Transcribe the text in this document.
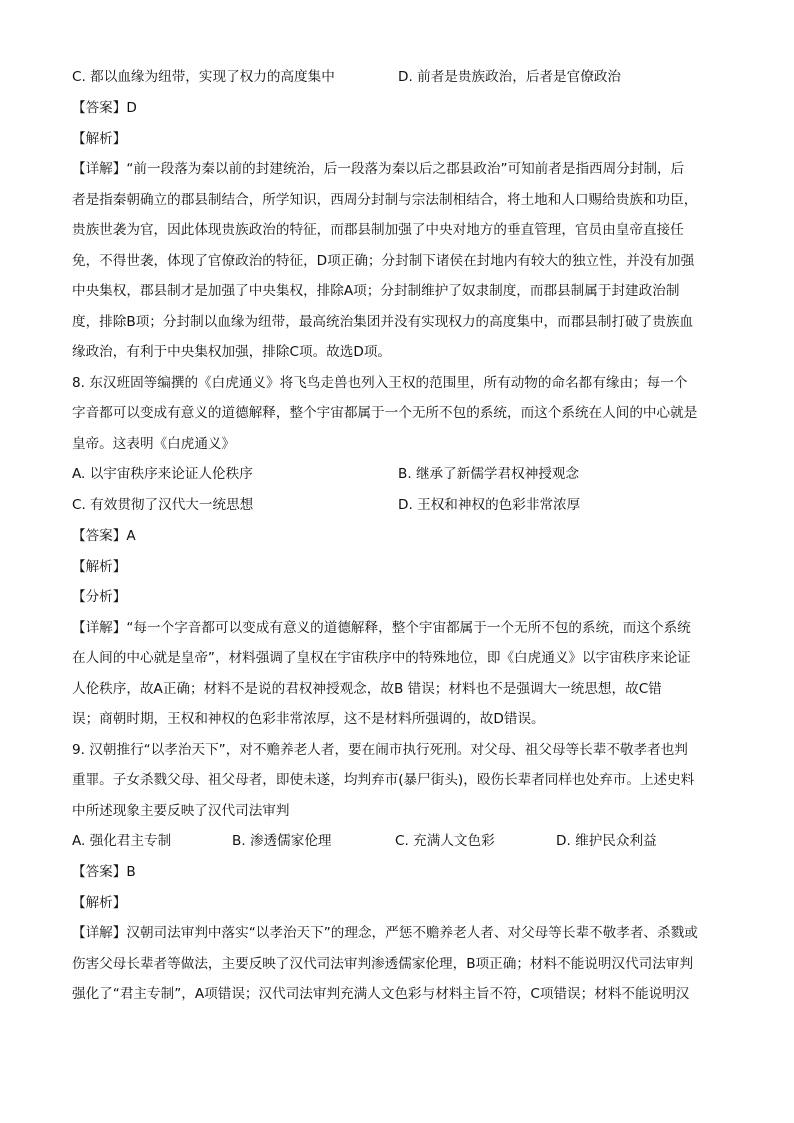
C. 都以血缘为纽带，实现了权力的高度集中	D. 前者是贵族政治，后者是官僚政治
【答案】D
【解析】
【详解】“前一段落为秦以前的封建统治，后一段落为秦以后之郡县政治”可知前者是指西周分封制，后
者是指秦朝确立的郡县制结合，所学知识，西周分封制与宗法制相结合，将土地和人口赐给贵族和功臣，
贵族世袭为官，因此体现贵族政治的特征，而郡县制加强了中央对地方的垂直管理，官员由皇帝直接任
免，不得世袭，体现了官僚政治的特征，D项正确；分封制下诸侯在封地内有较大的独立性，并没有加强
中央集权，郡县制才是加强了中央集权，排除A项；分封制维护了奴隶制度，而郡县制属于封建政治制
度，排除B项；分封制以血缘为纽带，最高统治集团并没有实现权力的高度集中，而郡县制打破了贵族血
缘政治，有利于中央集权加强，排除C项。故选D项。
8. 东汉班固等编撰的《白虎通义》将飞鸟走兽也列入王权的范围里，所有动物的命名都有缘由；每一个
字音都可以变成有意义的道德解释，整个宇宙都属于一个无所不包的系统，而这个系统在人间的中心就是
皇帝。这表明《白虎通义》
A. 以宇宙秩序来论证人伦秩序	B. 继承了新儒学君权神授观念
C. 有效贯彻了汉代大一统思想	D. 王权和神权的色彩非常浓厚
【答案】A
【解析】
【分析】
【详解】“每一个字音都可以变成有意义的道德解释，整个宇宙都属于一个无所不包的系统，而这个系统
在人间的中心就是皇帝”，材料强调了皇权在宇宙秩序中的特殊地位，即《白虎通义》以宇宙秩序来论证
人伦秩序，故A正确；材料不是说的君权神授观念，故B 错误；材料也不是强调大一统思想，故C错
误；商朝时期，王权和神权的色彩非常浓厚，这不是材料所强调的，故D错误。
9. 汉朝推行“以孝治天下”，对不赡养老人者，要在闹市执行死刑。对父母、祖父母等长辈不敬孝者也判
重罪。子女杀戮父母、祖父母者，即使未遂，均判弃市(暴尸街头)，殴伤长辈者同样也处弃市。上述史料
中所述现象主要反映了汉代司法审判
A. 强化君主专制	B. 渗透儒家伦理	C. 充满人文色彩	D. 维护民众利益
【答案】B
【解析】
【详解】汉朝司法审判中落实“以孝治天下”的理念，严惩不赡养老人者、对父母等长辈不敬孝者、杀戮或
伤害父母长辈者等做法，主要反映了汉代司法审判渗透儒家伦理，B项正确；材料不能说明汉代司法审判
强化了“君主专制”，A项错误；汉代司法审判充满人文色彩与材料主旨不符，C项错误；材料不能说明汉
